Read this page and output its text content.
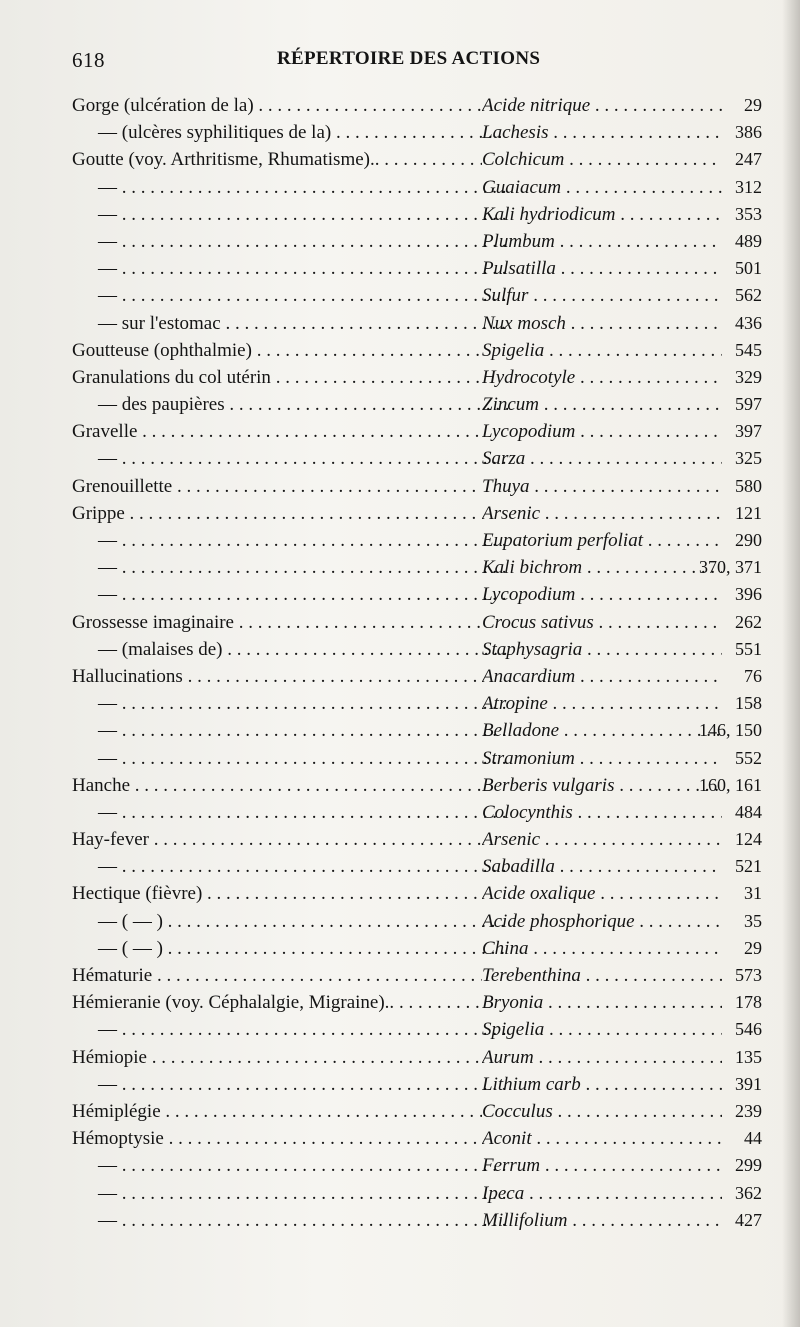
618	RÉPERTOIRE DES ACTIONS
Gorge (ulcération de la) . . .	Acide nitrique . . .	29
— (ulcères syphilitiques de la) . . .	Lachesis . . .	386
Goutte (voy. Arthritisme, Rhumatisme).. . . .	Colchicum . . .	247
— . . .	Guaiacum . . .	312
— . . .	Kali hydriodicum . . .	353
— . . .	Plumbum . . .	489
— . . .	Pulsatilla . . .	501
— . . .	Sulfur . . .	562
— sur l'estomac . . .	Nux mosch . . .	436
Goutteuse (ophthalmie) . . .	Spigelia . . .	545
Granulations du col utérin . . .	Hydrocotyle . . .	329
— des paupières . . .	Zincum . . .	597
Gravelle . . .	Lycopodium . . .	397
— . . .	Sarza . . .	325
Grenouillette . . .	Thuya . . .	580
Grippe . . .	Arsenic . . .	121
— . . .	Eupatorium perfoliat . . .	290
— . . .	Kali bichrom . . .	370, 371
— . . .	Lycopodium . . .	396
Grossesse imaginaire . . .	Crocus sativus . . .	262
— (malaises de) . . .	Staphysagria . . .	551
Hallucinations . . .	Anacardium . . .	76
— . . .	Atropine . . .	158
— . . .	Belladone . . .	146, 150
— . . .	Stramonium . . .	552
Hanche . . .	Berberis vulgaris . . .	160, 161
— . . .	Colocynthis . . .	484
Hay-fever . . .	Arsenic . . .	124
— . . .	Sabadilla . . .	521
Hectique (fièvre) . . .	Acide oxalique . . .	31
— ( — ) . . .	Acide phosphorique . . .	35
— ( — ) . . .	China . . .	29
Hématurie . . .	Terebenthina . . .	573
Hémieranie (voy. Céphalalgie, Migraine).. . . .	Bryonia . . .	178
— . . .	Spigelia . . .	546
Hémiopie . . .	Aurum . . .	135
— . . .	Lithium carb . . .	391
Hémiplégie . . .	Cocculus . . .	239
Hémoptysie . . .	Aconit . . .	44
— . . .	Ferrum . . .	299
— . . .	Ipeca . . .	362
— . . .	Millifolium . . .	427
